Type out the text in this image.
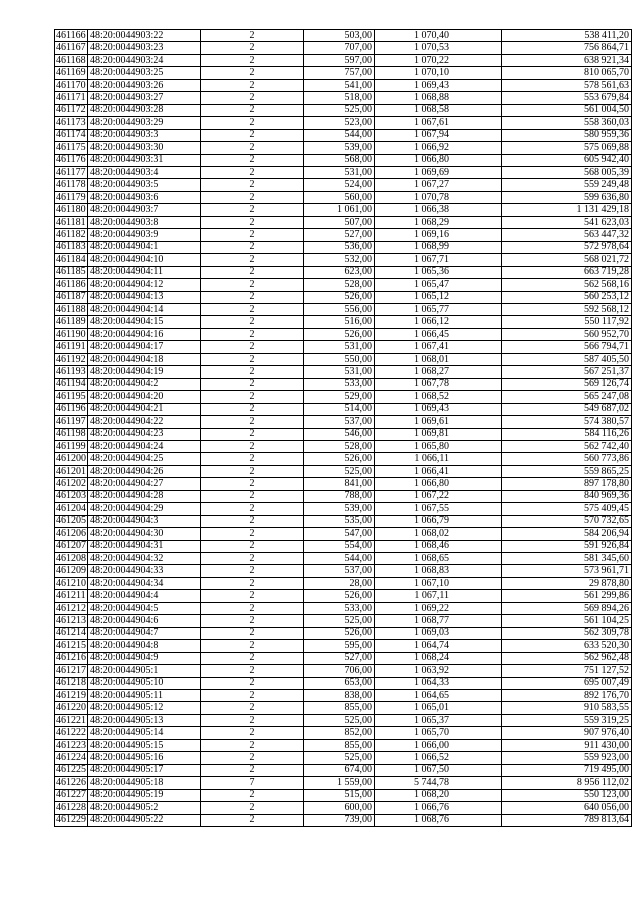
461166	48:20:0044903:22	2	503,00	1 070,40	538 411,20
461167	48:20:0044903:23	2	707,00	1 070,53	756 864,71
461168	48:20:0044903:24	2	597,00	1 070,22	638 921,34
461169	48:20:0044903:25	2	757,00	1 070,10	810 065,70
461170	48:20:0044903:26	2	541,00	1 069,43	578 561,63
461171	48:20:0044903:27	2	518,00	1 068,88	553 679,84
461172	48:20:0044903:28	2	525,00	1 068,58	561 004,50
461173	48:20:0044903:29	2	523,00	1 067,61	558 360,03
461174	48:20:0044903:3	2	544,00	1 067,94	580 959,36
461175	48:20:0044903:30	2	539,00	1 066,92	575 069,88
461176	48:20:0044903:31	2	568,00	1 066,80	605 942,40
461177	48:20:0044903:4	2	531,00	1 069,69	568 005,39
461178	48:20:0044903:5	2	524,00	1 067,27	559 249,48
461179	48:20:0044903:6	2	560,00	1 070,78	599 636,80
461180	48:20:0044903:7	2	1 061,00	1 066,38	1 131 429,18
461181	48:20:0044903:8	2	507,00	1 068,29	541 623,03
461182	48:20:0044903:9	2	527,00	1 069,16	563 447,32
461183	48:20:0044904:1	2	536,00	1 068,99	572 978,64
461184	48:20:0044904:10	2	532,00	1 067,71	568 021,72
461185	48:20:0044904:11	2	623,00	1 065,36	663 719,28
461186	48:20:0044904:12	2	528,00	1 065,47	562 568,16
461187	48:20:0044904:13	2	526,00	1 065,12	560 253,12
461188	48:20:0044904:14	2	556,00	1 065,77	592 568,12
461189	48:20:0044904:15	2	516,00	1 066,12	550 117,92
461190	48:20:0044904:16	2	526,00	1 066,45	560 952,70
461191	48:20:0044904:17	2	531,00	1 067,41	566 794,71
461192	48:20:0044904:18	2	550,00	1 068,01	587 405,50
461193	48:20:0044904:19	2	531,00	1 068,27	567 251,37
461194	48:20:0044904:2	2	533,00	1 067,78	569 126,74
461195	48:20:0044904:20	2	529,00	1 068,52	565 247,08
461196	48:20:0044904:21	2	514,00	1 069,43	549 687,02
461197	48:20:0044904:22	2	537,00	1 069,61	574 380,57
461198	48:20:0044904:23	2	546,00	1 069,81	584 116,26
461199	48:20:0044904:24	2	528,00	1 065,80	562 742,40
461200	48:20:0044904:25	2	526,00	1 066,11	560 773,86
461201	48:20:0044904:26	2	525,00	1 066,41	559 865,25
461202	48:20:0044904:27	2	841,00	1 066,80	897 178,80
461203	48:20:0044904:28	2	788,00	1 067,22	840 969,36
461204	48:20:0044904:29	2	539,00	1 067,55	575 409,45
461205	48:20:0044904:3	2	535,00	1 066,79	570 732,65
461206	48:20:0044904:30	2	547,00	1 068,02	584 206,94
461207	48:20:0044904:31	2	554,00	1 068,46	591 926,84
461208	48:20:0044904:32	2	544,00	1 068,65	581 345,60
461209	48:20:0044904:33	2	537,00	1 068,83	573 961,71
461210	48:20:0044904:34	2	28,00	1 067,10	29 878,80
461211	48:20:0044904:4	2	526,00	1 067,11	561 299,86
461212	48:20:0044904:5	2	533,00	1 069,22	569 894,26
461213	48:20:0044904:6	2	525,00	1 068,77	561 104,25
461214	48:20:0044904:7	2	526,00	1 069,03	562 309,78
461215	48:20:0044904:8	2	595,00	1 064,74	633 520,30
461216	48:20:0044904:9	2	527,00	1 068,24	562 962,48
461217	48:20:0044905:1	2	706,00	1 063,92	751 127,52
461218	48:20:0044905:10	2	653,00	1 064,33	695 007,49
461219	48:20:0044905:11	2	838,00	1 064,65	892 176,70
461220	48:20:0044905:12	2	855,00	1 065,01	910 583,55
461221	48:20:0044905:13	2	525,00	1 065,37	559 319,25
461222	48:20:0044905:14	2	852,00	1 065,70	907 976,40
461223	48:20:0044905:15	2	855,00	1 066,00	911 430,00
461224	48:20:0044905:16	2	525,00	1 066,52	559 923,00
461225	48:20:0044905:17	2	674,00	1 067,50	719 495,00
461226	48:20:0044905:18	7	1 559,00	5 744,78	8 956 112,02
461227	48:20:0044905:19	2	515,00	1 068,20	550 123,00
461228	48:20:0044905:2	2	600,00	1 066,76	640 056,00
461229	48:20:0044905:22	2	739,00	1 068,76	789 813,64
